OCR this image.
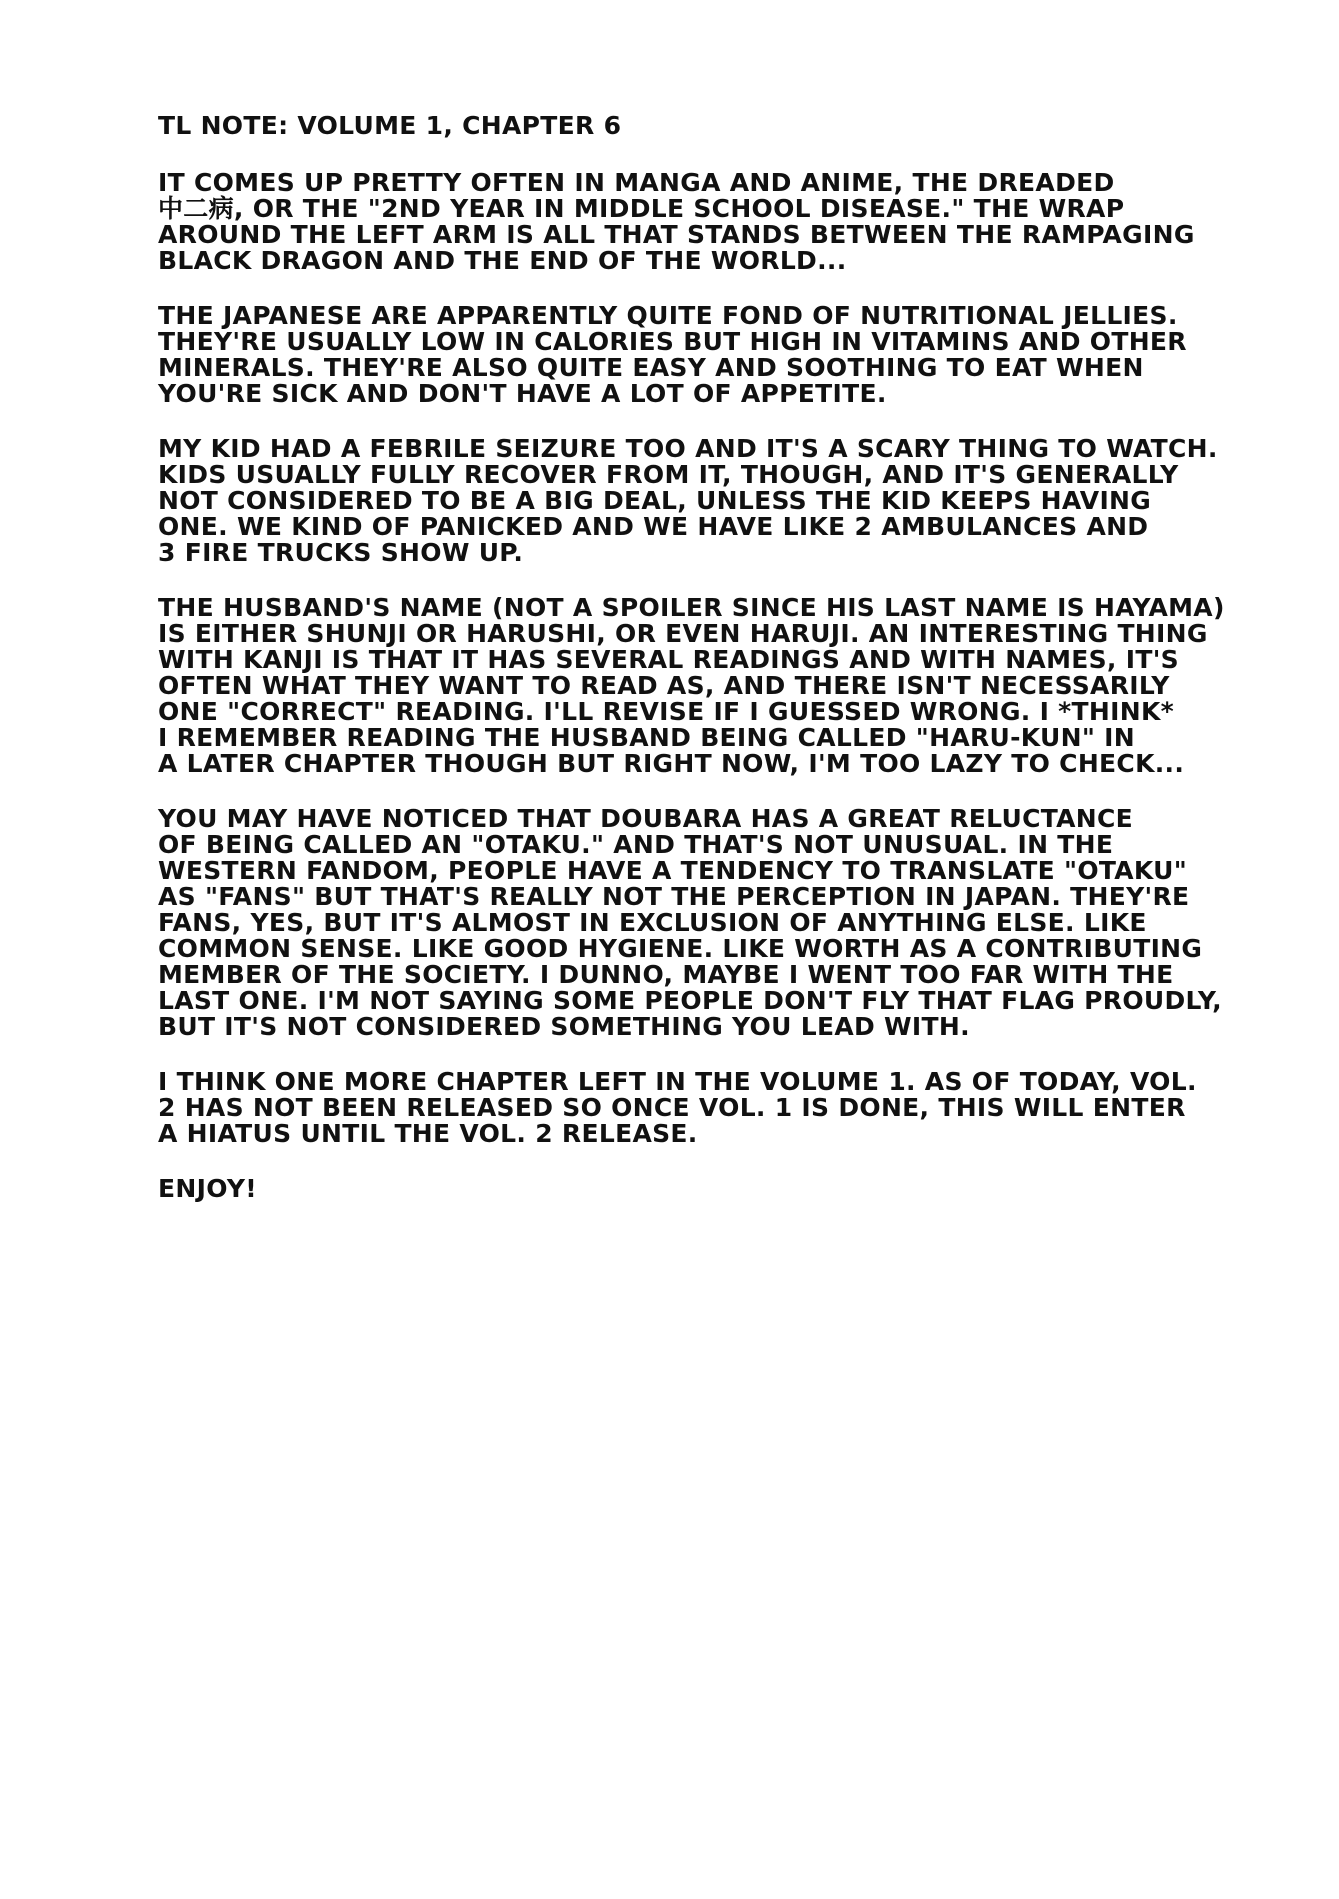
TL NOTE: VOLUME 1, CHAPTER 6
IT COMES UP PRETTY OFTEN IN MANGA AND ANIME, THE DREADED
中二病, OR THE "2ND YEAR IN MIDDLE SCHOOL DISEASE." THE WRAP
AROUND THE LEFT ARM IS ALL THAT STANDS BETWEEN THE RAMPAGING
BLACK DRAGON AND THE END OF THE WORLD...
THE JAPANESE ARE APPARENTLY QUITE FOND OF NUTRITIONAL JELLIES.
THEY'RE USUALLY LOW IN CALORIES BUT HIGH IN VITAMINS AND OTHER
MINERALS. THEY'RE ALSO QUITE EASY AND SOOTHING TO EAT WHEN
YOU'RE SICK AND DON'T HAVE A LOT OF APPETITE.
MY KID HAD A FEBRILE SEIZURE TOO AND IT'S A SCARY THING TO WATCH.
KIDS USUALLY FULLY RECOVER FROM IT, THOUGH, AND IT'S GENERALLY
NOT CONSIDERED TO BE A BIG DEAL, UNLESS THE KID KEEPS HAVING
ONE. WE KIND OF PANICKED AND WE HAVE LIKE 2 AMBULANCES AND
3 FIRE TRUCKS SHOW UP.
THE HUSBAND'S NAME (NOT A SPOILER SINCE HIS LAST NAME IS HAYAMA)
IS EITHER SHUNJI OR HARUSHI, OR EVEN HARUJI. AN INTERESTING THING
WITH KANJI IS THAT IT HAS SEVERAL READINGS AND WITH NAMES, IT'S
OFTEN WHAT THEY WANT TO READ AS, AND THERE ISN'T NECESSARILY
ONE "CORRECT" READING. I'LL REVISE IF I GUESSED WRONG. I *THINK*
I REMEMBER READING THE HUSBAND BEING CALLED "HARU-KUN" IN
A LATER CHAPTER THOUGH BUT RIGHT NOW, I'M TOO LAZY TO CHECK...
YOU MAY HAVE NOTICED THAT DOUBARA HAS A GREAT RELUCTANCE
OF BEING CALLED AN "OTAKU." AND THAT'S NOT UNUSUAL. IN THE
WESTERN FANDOM, PEOPLE HAVE A TENDENCY TO TRANSLATE "OTAKU"
AS "FANS" BUT THAT'S REALLY NOT THE PERCEPTION IN JAPAN. THEY'RE
FANS, YES, BUT IT'S ALMOST IN EXCLUSION OF ANYTHING ELSE. LIKE
COMMON SENSE. LIKE GOOD HYGIENE. LIKE WORTH AS A CONTRIBUTING
MEMBER OF THE SOCIETY. I DUNNO, MAYBE I WENT TOO FAR WITH THE
LAST ONE. I'M NOT SAYING SOME PEOPLE DON'T FLY THAT FLAG PROUDLY,
BUT IT'S NOT CONSIDERED SOMETHING YOU LEAD WITH.
I THINK ONE MORE CHAPTER LEFT IN THE VOLUME 1. AS OF TODAY, VOL.
2 HAS NOT BEEN RELEASED SO ONCE VOL. 1 IS DONE, THIS WILL ENTER
A HIATUS UNTIL THE VOL. 2 RELEASE.
ENJOY!
